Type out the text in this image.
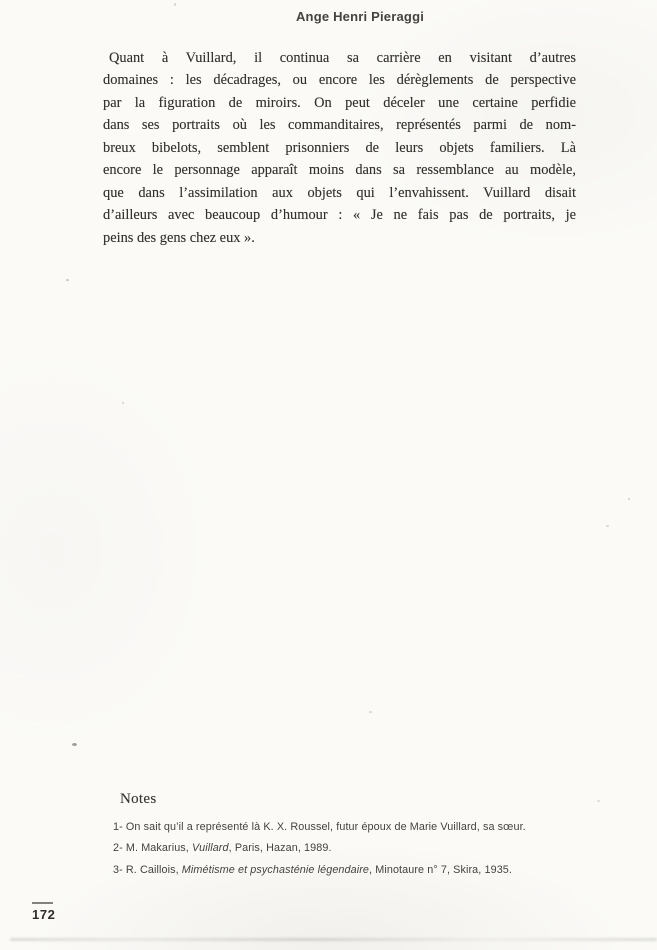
Ange Henri Pieraggi
Quant à Vuillard, il continua sa carrière en visitant d’autres
domaines : les décadrages, ou encore les dérèglements de perspective
par la figuration de miroirs. On peut déceler une certaine perfidie
dans ses portraits où les commanditaires, représentés parmi de nom-
breux bibelots, semblent prisonniers de leurs objets familiers. Là
encore le personnage apparaît moins dans sa ressemblance au modèle,
que dans l’assimilation aux objets qui l’envahissent. Vuillard disait
d’ailleurs avec beaucoup d’humour : « Je ne fais pas de portraits, je
peins des gens chez eux ».
Notes
1- On sait qu’il a représenté là K. X. Roussel, futur époux de Marie Vuillard, sa sœur.
2- M. Makarius, Vuillard, Paris, Hazan, 1989.
3- R. Caillois, Mimétisme et psychasténie légendaire, Minotaure n° 7, Skira, 1935.
172
